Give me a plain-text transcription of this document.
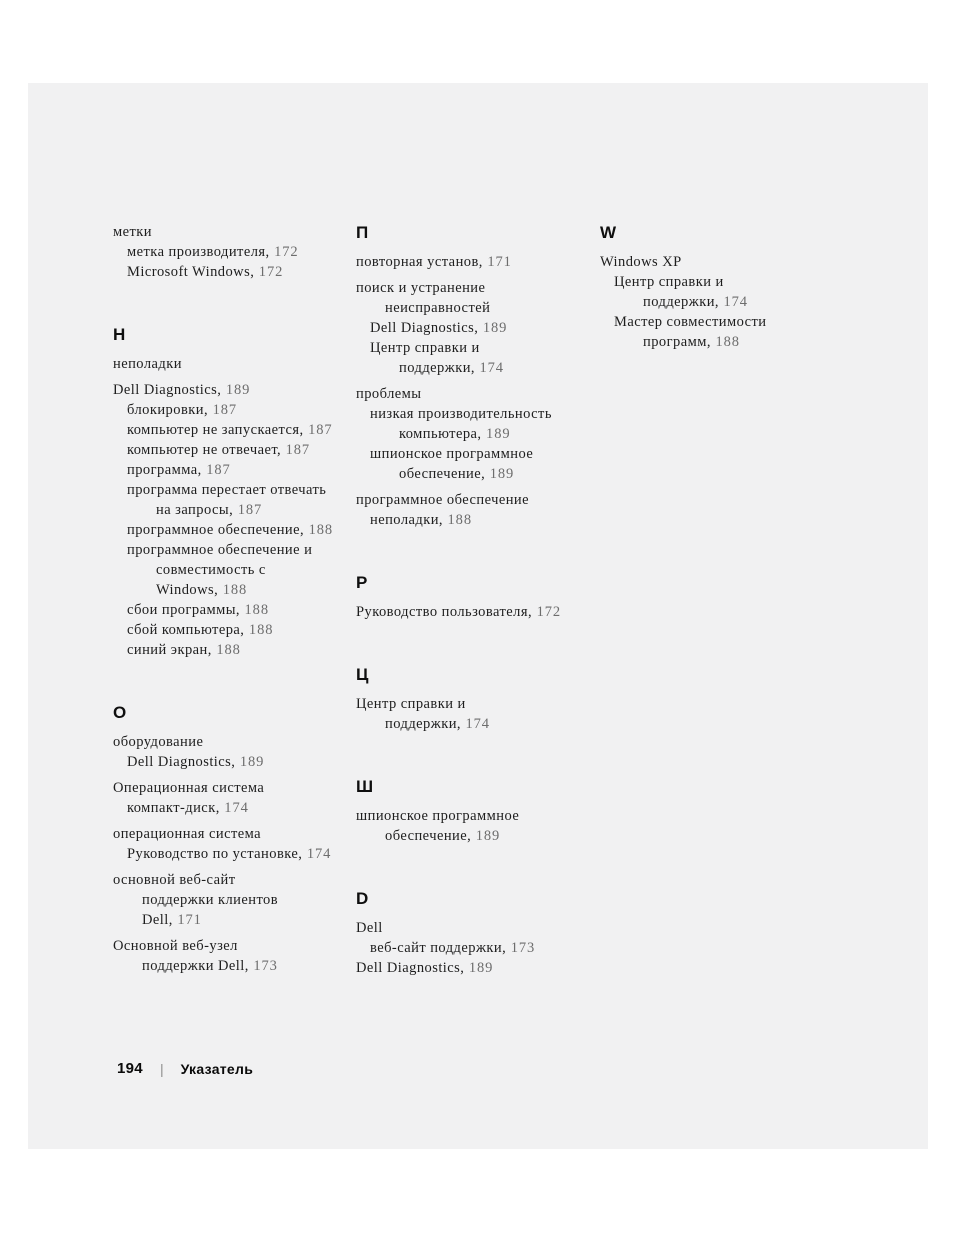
метки
метка производителя, 172
Microsoft Windows, 172
Н
неполадки
Dell Diagnostics, 189
блокировки, 187
компьютер не запускается, 187
компьютер не отвечает, 187
программа, 187
программа перестает отвечать
на запросы, 187
программное обеспечение, 188
программное обеспечение и
совместимость с
Windows, 188
сбои программы, 188
сбой компьютера, 188
синий экран, 188
О
оборудование
Dell Diagnostics, 189
Операционная система
компакт-диск, 174
операционная система
Руководство по установке, 174
основной веб-сайт
поддержки клиентов
Dell, 171
Основной веб-узел
поддержки Dell, 173
П
повторная установ, 171
поиск и устранение
неисправностей
Dell Diagnostics, 189
Центр справки и
поддержки, 174
проблемы
низкая производительность
компьютера, 189
шпионское программное
обеспечение, 189
программное обеспечение
неполадки, 188
Р
Руководство пользователя, 172
Ц
Центр справки и
поддержки, 174
Ш
шпионское программное
обеспечение, 189
D
Dell
веб-сайт поддержки, 173
Dell Diagnostics, 189
W
Windows XP
Центр справки и
поддержки, 174
Мастер совместимости
программ, 188
194 | Указатель
